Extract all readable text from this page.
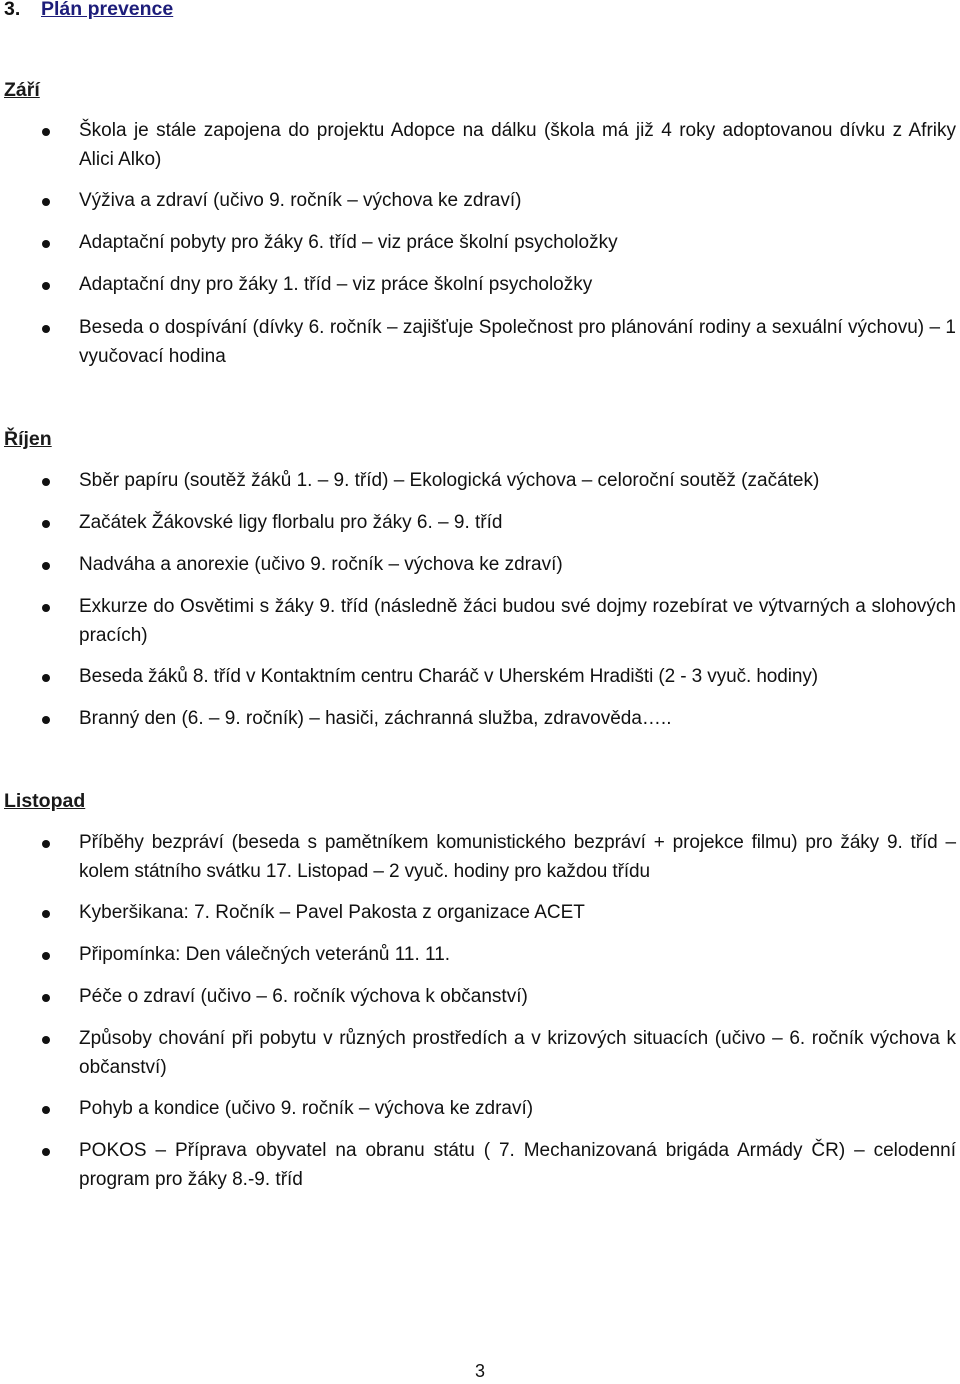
3. Plán prevence
Září

Škola je stále zapojena do projektu Adopce na dálku (škola má již 4 roky adoptovanou dívku z Afriky Alici Alko)

Výživa a zdraví (učivo 9. ročník – výchova ke zdraví)

Adaptační pobyty pro žáky 6. tříd – viz práce školní psycholožky

Adaptační dny pro žáky 1. tříd – viz práce školní psycholožky

Beseda o dospívání (dívky 6. ročník – zajišťuje Společnost pro plánování rodiny a sexuální výchovu) – 1 vyučovací hodina

Říjen

Sběr papíru (soutěž žáků 1. – 9. tříd) – Ekologická výchova – celoroční soutěž (začátek)

Začátek Žákovské ligy florbalu pro žáky 6. – 9. tříd

Nadváha a anorexie (učivo 9. ročník – výchova ke zdraví)

Exkurze do Osvětimi s žáky 9. tříd (následně žáci budou své dojmy rozebírat ve výtvarných a slohových pracích)

Beseda žáků 8. tříd v Kontaktním centru Charáč v Uherském Hradišti (2 - 3 vyuč. hodiny)

Branný den (6. – 9. ročník) – hasiči, záchranná služba, zdravověda…..

Listopad

Příběhy bezpráví (beseda s pamětníkem komunistického bezpráví + projekce filmu) pro žáky 9. tříd – kolem státního svátku 17. Listopad – 2 vyuč. hodiny pro každou třídu

Kyberšikana: 7. Ročník – Pavel Pakosta z organizace ACET

Připomínka: Den válečných veteránů 11. 11.

Péče o zdraví (učivo – 6. ročník výchova k občanství)

Způsoby chování při pobytu v různých prostředích a v krizových situacích (učivo – 6. ročník výchova k občanství)

Pohyb a kondice (učivo 9. ročník – výchova ke zdraví)

POKOS – Příprava obyvatel na obranu státu ( 7. Mechanizovaná brigáda Armády ČR) – celodenní program pro žáky 8.-9. tříd

3
